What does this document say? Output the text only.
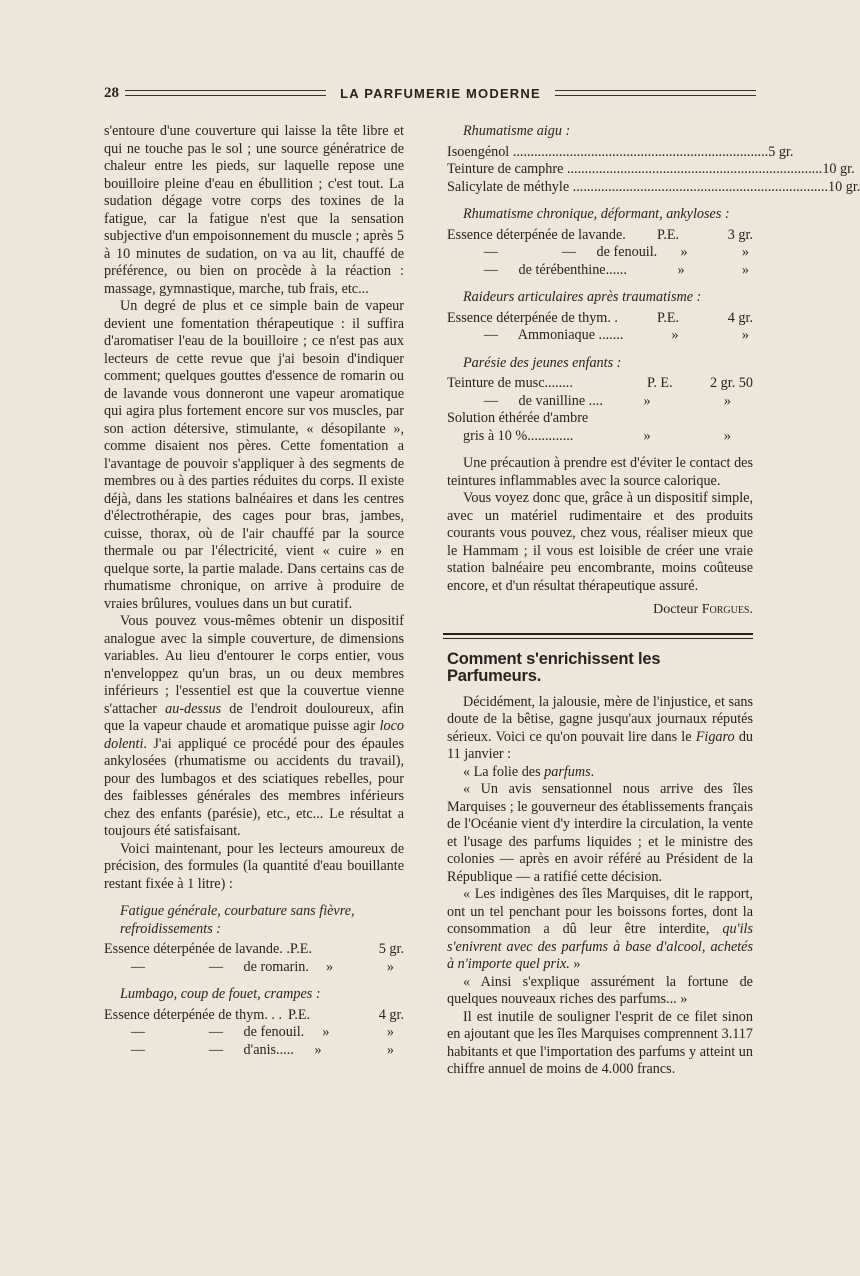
28	LA PARFUMERIE MODERNE

s'entoure d'une couverture qui laisse la tête libre et qui ne touche pas le sol ; une source génératrice de chaleur entre les pieds, sur laquelle repose une bouilloire pleine d'eau en ébullition ; c'est tout. La sudation dégage votre corps des toxines de la fatigue, car la fatigue n'est que la sensation subjective d'un empoisonnement du muscle ; après 5 à 10 minutes de sudation, on va au lit, chauffé de préférence, ou bien on procède à la réaction : massage, gymnastique, marche, tub frais, etc...

Un degré de plus et ce simple bain de vapeur devient une fomentation thérapeutique : il suffira d'aromatiser l'eau de la bouilloire ; ce n'est pas aux lecteurs de cette revue que j'ai besoin d'indiquer comment; quelques gouttes d'essence de romarin ou de lavande vous donneront une vapeur aromatique qui agira plus fortement encore sur vos muscles, par son action détersive, stimulante, « désopilante », comme disaient nos pères. Cette fomentation a l'avantage de pouvoir s'appliquer à des segments de membres ou à des parties réduites du corps. Il existe déjà, dans les stations balnéaires et dans les centres d'électrothérapie, des cages pour bras, jambes, cuisse, thorax, où de l'air chauffé par la source thermale ou par l'électricité, vient « cuire » en quelque sorte, la partie malade. Dans certains cas de rhumatisme chronique, on arrive à produire de vraies brûlures, voulues dans un but curatif.

Vous pouvez vous-mêmes obtenir un dispositif analogue avec la simple couverture, de dimensions variables. Au lieu d'entourer le corps entier, vous n'enveloppez qu'un bras, un ou deux membres inférieurs ; l'essentiel est que la couvertue vienne s'attacher au-dessus de l'endroit douloureux, afin que la vapeur chaude et aromatique puisse agir loco dolenti. J'ai appliqué ce procédé pour des épaules ankylosées (rhumatisme ou accidents du travail), pour des lumbagos et des sciatiques rebelles, pour des faiblesses générales des membres inférieurs chez des enfants (parésie), etc., etc... Le résultat a toujours été satisfaisant.

Voici maintenant, pour les lecteurs amoureux de précision, des formules (la quantité d'eau bouillante restant fixée à 1 litre) :

Fatigue générale, courbature sans fièvre, refroidissements :
Essence déterpénée de lavande. . P.E.	5 gr.
—	— de romarin.	»	»
Lumbago, coup de fouet, crampes :
Essence déterpénée de thym. . . P.E.	4 gr.
—	— de fenouil.	»	»
—	— d'anis.....	»	»
Rhumatisme aigu :
Isoengénol .....	5 gr.
Teinture de camphre .....	10 gr.
Salicylate de méthyle .....	10 gr.
Rhumatisme chronique, déformant, ankyloses :
Essence déterpénée de lavande.	P.E.	3 gr.
—	— de fenouil.	»	»
— de térébenthine......	»	»
Raideurs articulaires après traumatisme :
Essence déterpénée de thym. .	P.E.	4 gr.
— Ammoniaque .......	»	»
Parésie des jeunes enfants :
Teinture de musc........	P. E.	2 gr. 50
— de vanilline ....	»	»
Solution éthérée d'ambre
gris à 10 %.............	»	»

Une précaution à prendre est d'éviter le contact des teintures inflammables avec la source calorique.

Vous voyez donc que, grâce à un dispositif simple, avec un matériel rudimentaire et des produits courants vous pouvez, chez vous, réaliser mieux que le Hammam ; il vous est loisible de créer une vraie station balnéaire peu encombrante, moins coûteuse encore, et d'un résultat thérapeutique assuré.

Docteur Forgues.
Comment s'enrichissent les Parfumeurs.

Décidément, la jalousie, mère de l'injustice, et sans doute de la bêtise, gagne jusqu'aux journaux réputés sérieux. Voici ce qu'on pouvait lire dans le Figaro du 11 janvier :

« La folie des parfums.

« Un avis sensationnel nous arrive des îles Marquises ; le gouverneur des établissements français de l'Océanie vient d'y interdire la circulation, la vente et l'usage des parfums liquides ; et le ministre des colonies — après en avoir référé au Président de la République — a ratifié cette décision.

« Les indigènes des îles Marquises, dit le rapport, ont un tel penchant pour les boissons fortes, dont la consommation a dû leur être interdite, qu'ils s'enivrent avec des parfums à base d'alcool, achetés à n'importe quel prix. »

« Ainsi s'explique assurément la fortune de quelques nouveaux riches des parfums... »

Il est inutile de souligner l'esprit de ce filet sinon en ajoutant que les îles Marquises comprennent 3.117 habitants et que l'importation des parfums y atteint un chiffre annuel de moins de 4.000 francs.
